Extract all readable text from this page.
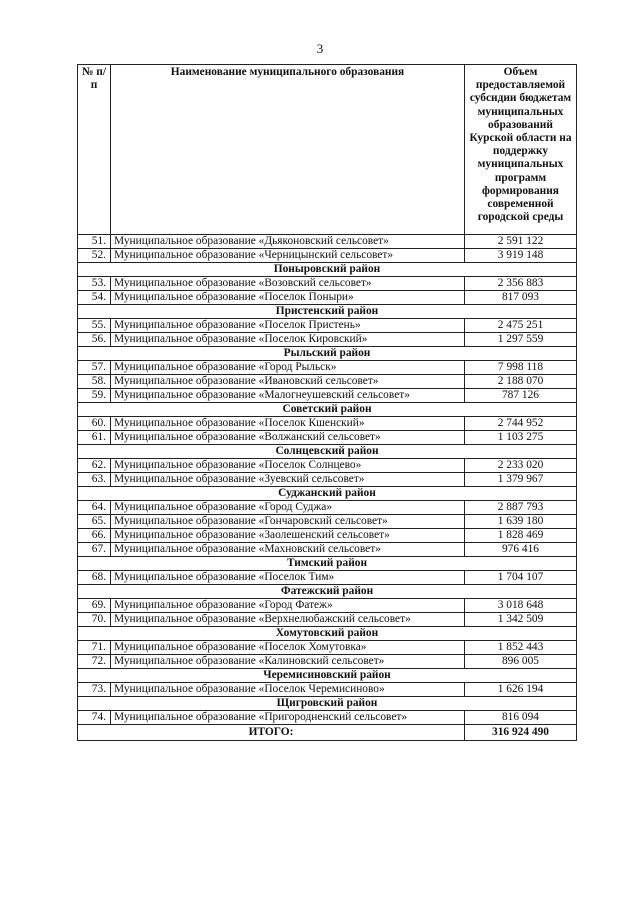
3
№ п/п	Наименование муниципального образования	Объем предоставляемой субсидии бюджетам муниципальных образований Курской области на поддержку муниципальных программ формирования современной городской среды
51.	Муниципальное образование «Дьяконовский сельсовет»	2 591 122
52.	Муниципальное образование «Черницынский сельсовет»	3 919 148
Поныровский район		
53.	Муниципальное образование «Возовский сельсовет»	2 356 883
54.	Муниципальное образование «Поселок Поныри»	817 093
Пристенский район		
55.	Муниципальное образование «Поселок Пристень»	2 475 251
56.	Муниципальное образование «Поселок Кировский»	1 297 559
Рыльский район		
57.	Муниципальное образование «Город Рыльск»	7 998 118
58.	Муниципальное образование «Ивановский сельсовет»	2 188 070
59.	Муниципальное образование «Малогнеушевский сельсовет»	787 126
Советский район		
60.	Муниципальное образование «Поселок Кшенский»	2 744 952
61.	Муниципальное образование «Волжанский сельсовет»	1 103 275
Солнцевский район		
62.	Муниципальное образование «Поселок Солнцево»	2 233 020
63.	Муниципальное образование «Зуевский сельсовет»	1 379 967
Суджанский район		
64.	Муниципальное образование «Город Суджа»	2 887 793
65.	Муниципальное образование «Гончаровский сельсовет»	1 639 180
66.	Муниципальное образование «Заолешенский сельсовет»	1 828 469
67.	Муниципальное образование «Махновский сельсовет»	976 416
Тимский район		
68.	Муниципальное образование «Поселок Тим»	1 704 107
Фатежский район		
69.	Муниципальное образование «Город Фатеж»	3 018 648
70.	Муниципальное образование «Верхнелюбажский сельсовет»	1 342 509
Хомутовский район		
71.	Муниципальное образование «Поселок Хомутовка»	1 852 443
72.	Муниципальное образование «Калиновский сельсовет»	896 005
Черемисиновский район		
73.	Муниципальное образование «Поселок Черемисиново»	1 626 194
Щигровский район		
74.	Муниципальное образование «Пригородненский сельсовет»	816 094
ИТОГО:		316 924 490
